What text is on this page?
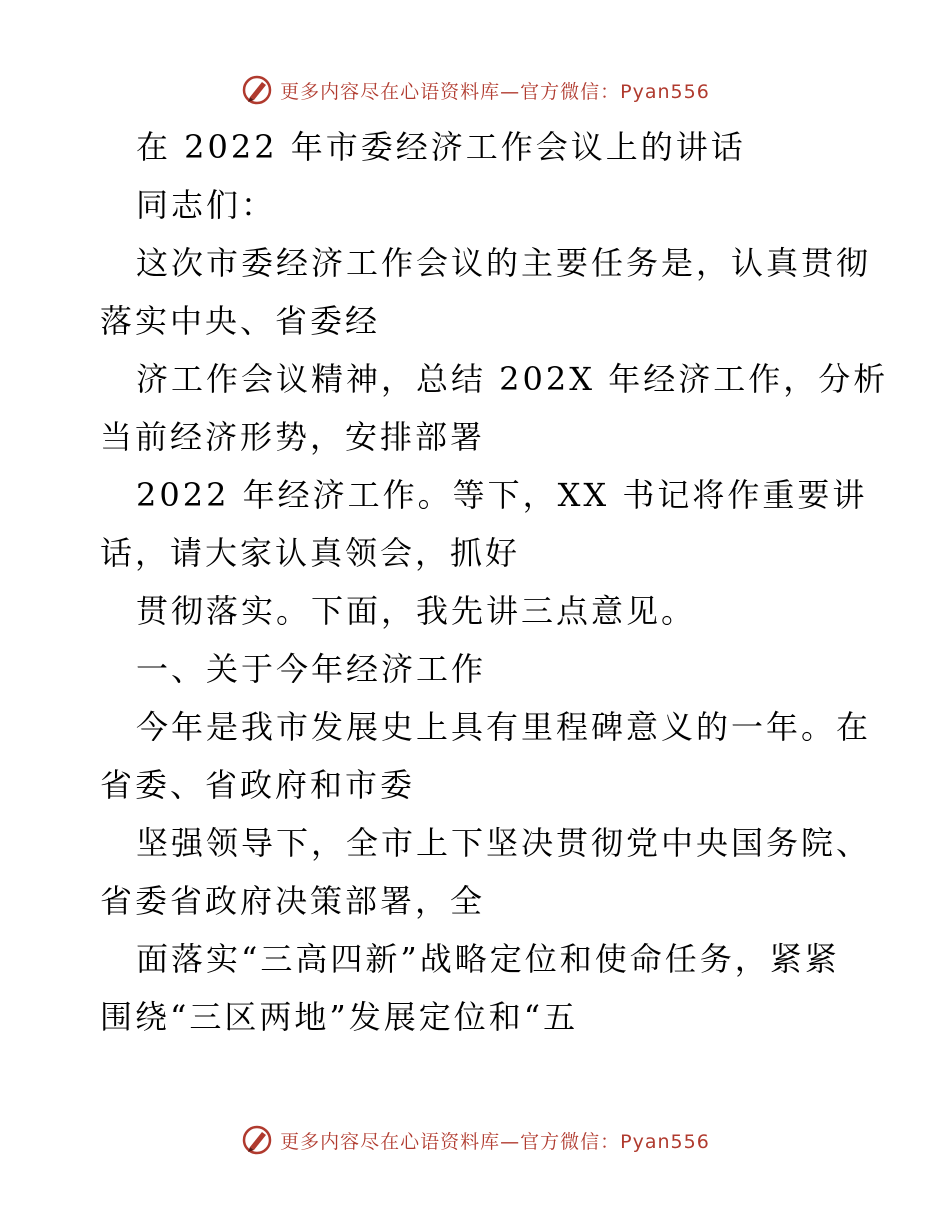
更多内容尽在心语资料库—官方微信：Pyan556
在 2022 年市委经济工作会议上的讲话
同志们：
这次市委经济工作会议的主要任务是，认真贯彻
落实中央、省委经
济工作会议精神，总结 202X 年经济工作，分析
当前经济形势，安排部署
2022 年经济工作。等下，XX 书记将作重要讲
话，请大家认真领会，抓好
贯彻落实。下面，我先讲三点意见。
一、关于今年经济工作
今年是我市发展史上具有里程碑意义的一年。在
省委、省政府和市委
坚强领导下，全市上下坚决贯彻党中央国务院、
省委省政府决策部署，全
面落实“三高四新”战略定位和使命任务，紧紧
围绕“三区两地”发展定位和“五
更多内容尽在心语资料库—官方微信：Pyan556
